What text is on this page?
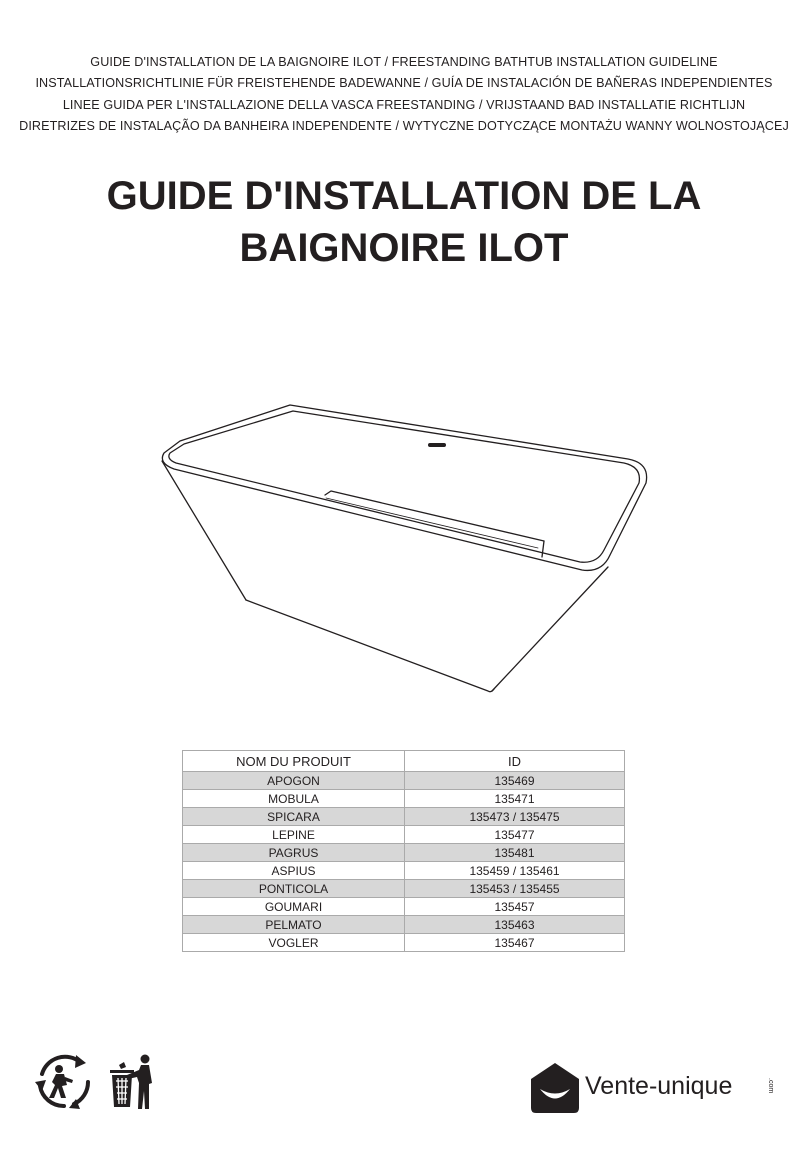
GUIDE D'INSTALLATION DE LA BAIGNOIRE ILOT / FREESTANDING BATHTUB INSTALLATION GUIDELINE
INSTALLATIONSRICHTLINIE FÜR FREISTEHENDE BADEWANNE / GUÍA DE INSTALACIÓN DE BAÑERAS INDEPENDIENTES
LINEE GUIDA PER L'INSTALLAZIONE DELLA VASCA FREESTANDING / VRIJSTAAND BAD INSTALLATIE RICHTLIJN
DIRETRIZES DE INSTALAÇÃO DA BANHEIRA INDEPENDENTE / WYTYCZNE DOTYCZĄCE MONTAŻU WANNY WOLNOSTOJĄCEJ
GUIDE D'INSTALLATION DE LA
BAIGNOIRE ILOT
NOM DU PRODUIT	ID
APOGON	135469
MOBULA	135471
SPICARA	135473 / 135475
LEPINE	135477
PAGRUS	135481
ASPIUS	135459 / 135461
PONTICOLA	135453 / 135455
GOUMARI	135457
PELMATO	135463
VOGLER	135467
Vente-unique	.com
